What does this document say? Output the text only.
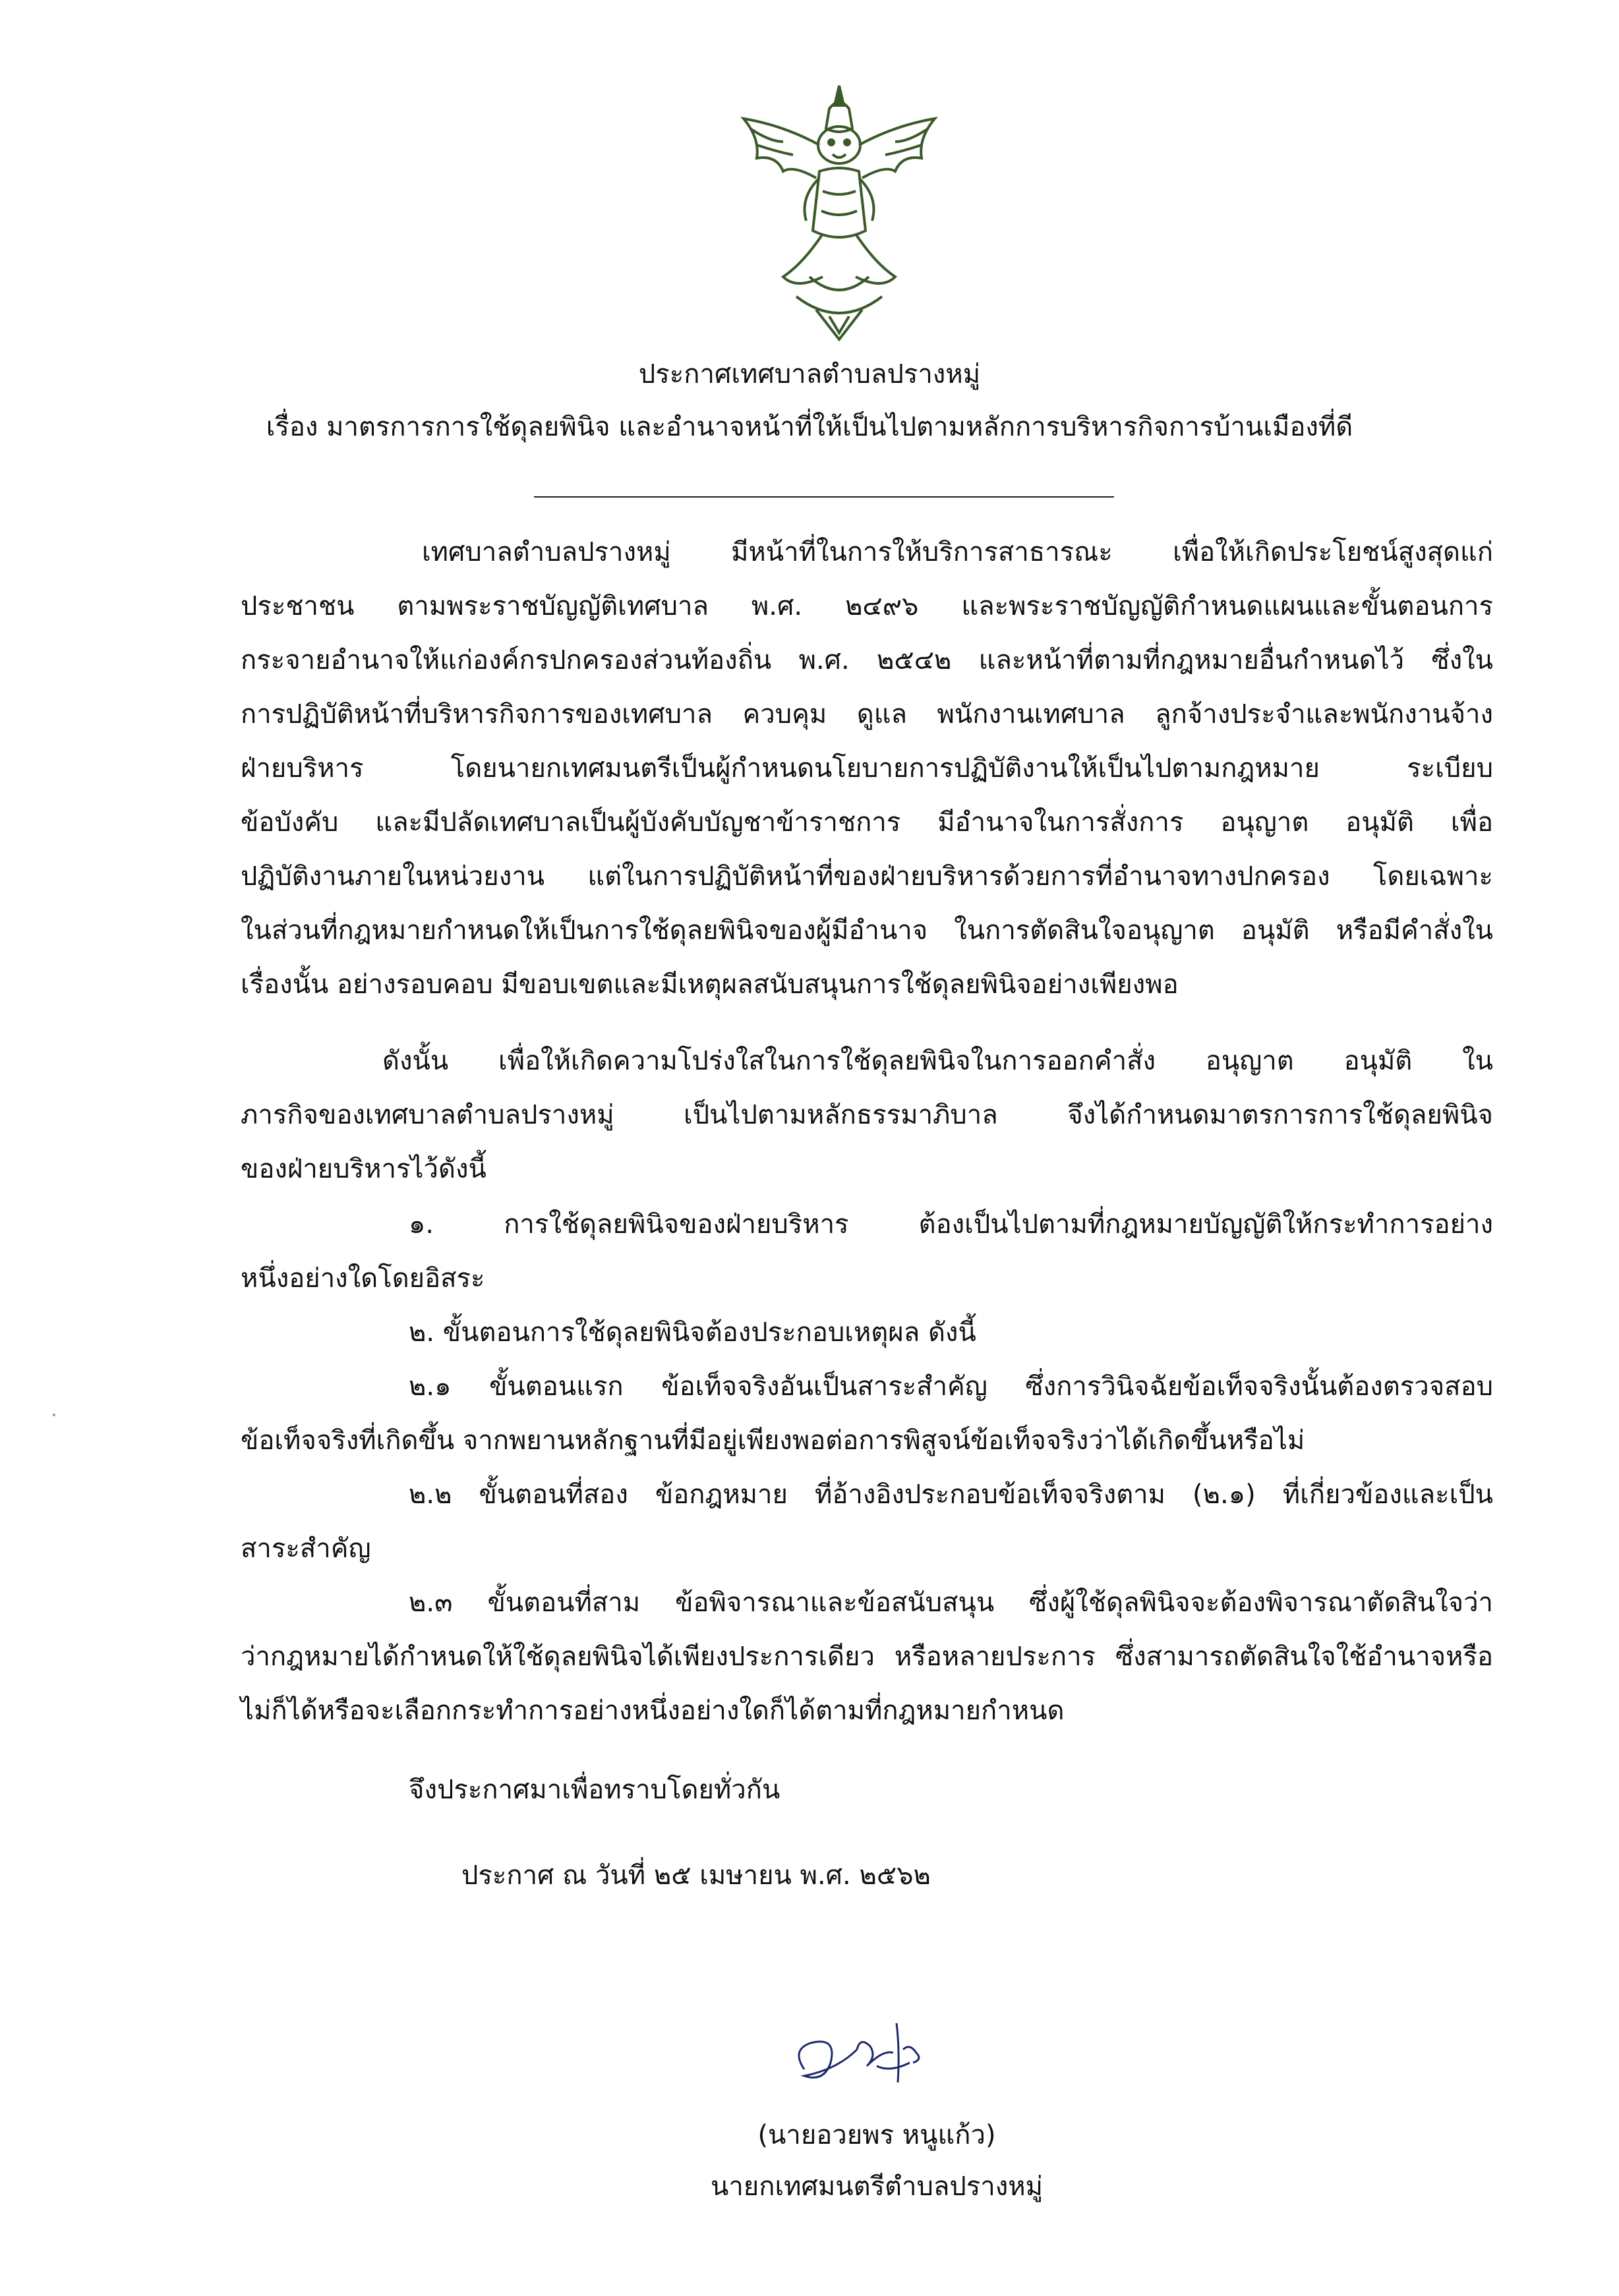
ประกาศเทศบาลตำบลปรางหมู่
เรื่อง มาตรการการใช้ดุลยพินิจ และอำนาจหน้าที่ให้เป็นไปตามหลักการบริหารกิจการบ้านเมืองที่ดี
เทศบาลตำบลปรางหมู่ มีหน้าที่ในการให้บริการสาธารณะ เพื่อให้เกิดประโยชน์สูงสุดแก่
ประชาชน ตามพระราชบัญญัติเทศบาล พ.ศ. ๒๔๙๖ และพระราชบัญญัติกำหนดแผนและขั้นตอนการ
กระจายอำนาจให้แก่องค์กรปกครองส่วนท้องถิ่น พ.ศ. ๒๕๔๒ และหน้าที่ตามที่กฎหมายอื่นกำหนดไว้ ซึ่งใน
การปฏิบัติหน้าที่บริหารกิจการของเทศบาล ควบคุม ดูแล พนักงานเทศบาล ลูกจ้างประจำและพนักงานจ้าง
ฝ่ายบริหาร โดยนายกเทศมนตรีเป็นผู้กำหนดนโยบายการปฏิบัติงานให้เป็นไปตามกฎหมาย ระเบียบ
ข้อบังคับ และมีปลัดเทศบาลเป็นผู้บังคับบัญชาข้าราชการ มีอำนาจในการสั่งการ อนุญาต อนุมัติ เพื่อ
ปฏิบัติงานภายในหน่วยงาน แต่ในการปฏิบัติหน้าที่ของฝ่ายบริหารด้วยการที่อำนาจทางปกครอง โดยเฉพาะ
ในส่วนที่กฎหมายกำหนดให้เป็นการใช้ดุลยพินิจของผู้มีอำนาจ ในการตัดสินใจอนุญาต อนุมัติ หรือมีคำสั่งใน
เรื่องนั้น อย่างรอบคอบ มีขอบเขตและมีเหตุผลสนับสนุนการใช้ดุลยพินิจอย่างเพียงพอ
ดังนั้น เพื่อให้เกิดความโปร่งใสในการใช้ดุลยพินิจในการออกคำสั่ง อนุญาต อนุมัติ ใน
ภารกิจของเทศบาลตำบลปรางหมู่ เป็นไปตามหลักธรรมาภิบาล จึงได้กำหนดมาตรการการใช้ดุลยพินิจ
ของฝ่ายบริหารไว้ดังนี้
๑. การใช้ดุลยพินิจของฝ่ายบริหาร ต้องเป็นไปตามที่กฎหมายบัญญัติให้กระทำการอย่าง
หนึ่งอย่างใดโดยอิสระ
๒. ขั้นตอนการใช้ดุลยพินิจต้องประกอบเหตุผล ดังนี้
๒.๑ ขั้นตอนแรก ข้อเท็จจริงอันเป็นสาระสำคัญ ซึ่งการวินิจฉัยข้อเท็จจริงนั้นต้องตรวจสอบ
ข้อเท็จจริงที่เกิดขึ้น จากพยานหลักฐานที่มีอยู่เพียงพอต่อการพิสูจน์ข้อเท็จจริงว่าได้เกิดขึ้นหรือไม่
๒.๒ ขั้นตอนที่สอง ข้อกฎหมาย ที่อ้างอิงประกอบข้อเท็จจริงตาม (๒.๑) ที่เกี่ยวข้องและเป็น
สาระสำคัญ
๒.๓ ขั้นตอนที่สาม ข้อพิจารณาและข้อสนับสนุน ซึ่งผู้ใช้ดุลพินิจจะต้องพิจารณาตัดสินใจว่า
ว่ากฎหมายได้กำหนดให้ใช้ดุลยพินิจได้เพียงประการเดียว หรือหลายประการ ซึ่งสามารถตัดสินใจใช้อำนาจหรือ
ไม่ก็ได้หรือจะเลือกกระทำการอย่างหนึ่งอย่างใดก็ได้ตามที่กฎหมายกำหนด
จึงประกาศมาเพื่อทราบโดยทั่วกัน
ประกาศ ณ วันที่ ๒๕ เมษายน พ.ศ. ๒๕๖๒
(นายอวยพร หนูแก้ว)
นายกเทศมนตรีตำบลปรางหมู่
